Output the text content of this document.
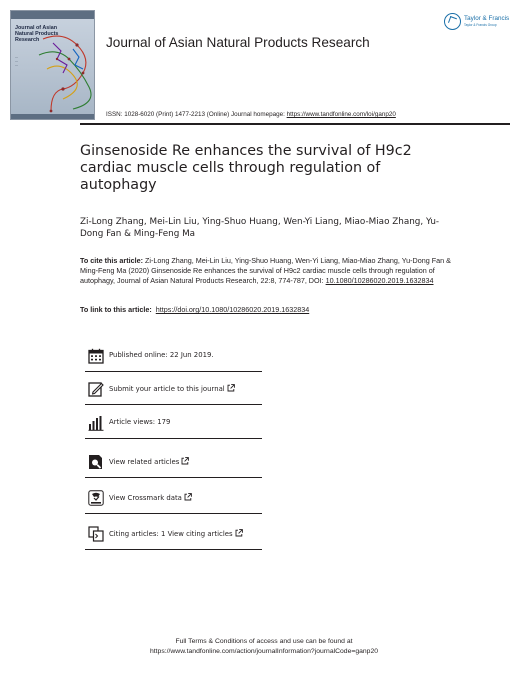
Journal of Asian Natural Products Research
—
—
—
Journal of Asian Natural Products Research
Taylor & Francis
Taylor & Francis Group
ISSN: 1028-6020 (Print) 1477-2213 (Online) Journal homepage: https://www.tandfonline.com/loi/ganp20
Ginsenoside Re enhances the survival of H9c2 cardiac muscle cells through regulation of autophagy
Zi-Long Zhang, Mei-Lin Liu, Ying-Shuo Huang, Wen-Yi Liang, Miao-Miao Zhang, Yu-Dong Fan & Ming-Feng Ma
To cite this article: Zi-Long Zhang, Mei-Lin Liu, Ying-Shuo Huang, Wen-Yi Liang, Miao-Miao Zhang, Yu-Dong Fan & Ming-Feng Ma (2020) Ginsenoside Re enhances the survival of H9c2 cardiac muscle cells through regulation of autophagy, Journal of Asian Natural Products Research, 22:8, 774-787, DOI: 10.1080/10286020.2019.1632834
To link to this article: https://doi.org/10.1080/10286020.2019.1632834
Published online: 22 Jun 2019.
Submit your article to this journal
Article views: 179
View related articles
View Crossmark data
Citing articles: 1 View citing articles
Full Terms & Conditions of access and use can be found at
https://www.tandfonline.com/action/journalInformation?journalCode=ganp20
